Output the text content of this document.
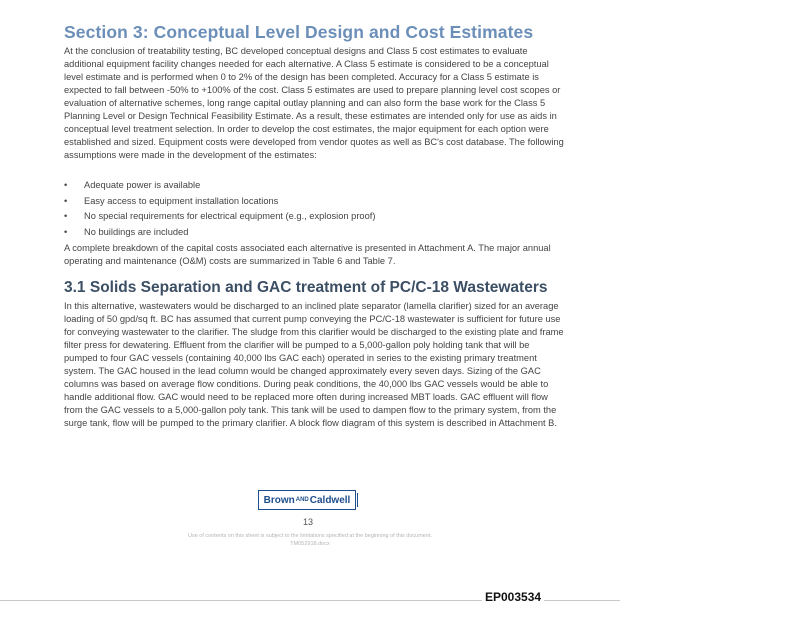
Section 3: Conceptual Level Design and Cost Estimates

At the conclusion of treatability testing, BC developed conceptual designs and Class 5 cost estimates to evaluate additional equipment facility changes needed for each alternative. A Class 5 estimate is considered to be a conceptual level estimate and is performed when 0 to 2% of the design has been completed. Accuracy for a Class 5 estimate is expected to fall between -50% to +100% of the cost. Class 5 estimates are used to prepare planning level cost scopes or evaluation of alternative schemes, long range capital outlay planning and can also form the base work for the Class 5 Planning Level or Design Technical Feasibility Estimate. As a result, these estimates are intended only for use as aids in conceptual level treatment selection. In order to develop the cost estimates, the major equipment for each option were established and sized. Equipment costs were developed from vendor quotes as well as BC's cost database. The following assumptions were made in the development of the estimates:

• Adequate power is available
• Easy access to equipment installation locations
• No special requirements for electrical equipment (e.g., explosion proof)
• No buildings are included

A complete breakdown of the capital costs associated each alternative is presented in Attachment A. The major annual operating and maintenance (O&M) costs are summarized in Table 6 and Table 7.

3.1 Solids Separation and GAC treatment of PC/C-18 Wastewaters

In this alternative, wastewaters would be discharged to an inclined plate separator (lamella clarifier) sized for an average loading of 50 gpd/sq ft. BC has assumed that current pump conveying the PC/C-18 wastewater is sufficient for future use for conveying wastewater to the clarifier. The sludge from this clarifier would be discharged to the existing plate and frame filter press for dewatering. Effluent from the clarifier will be pumped to a 5,000-gallon poly holding tank that will be pumped to four GAC vessels (containing 40,000 lbs GAC each) operated in series to the existing primary treatment system. The GAC housed in the lead column would be changed approximately every seven days. Sizing of the GAC columns was based on average flow conditions. During peak conditions, the 40,000 lbs GAC vessels would be able to handle additional flow. GAC would need to be replaced more often during increased MBT loads. GAC effluent will flow from the GAC vessels to a 5,000-gallon poly tank. This tank will be used to dampen flow to the primary system, from the surge tank, flow will be pumped to the primary clarifier. A block flow diagram of this system is described in Attachment B.

Brown AND Caldwell
13
Use of contents on this sheet is subject to the limitations specified at the beginning of this document.
TM052918.docx
EP003534
